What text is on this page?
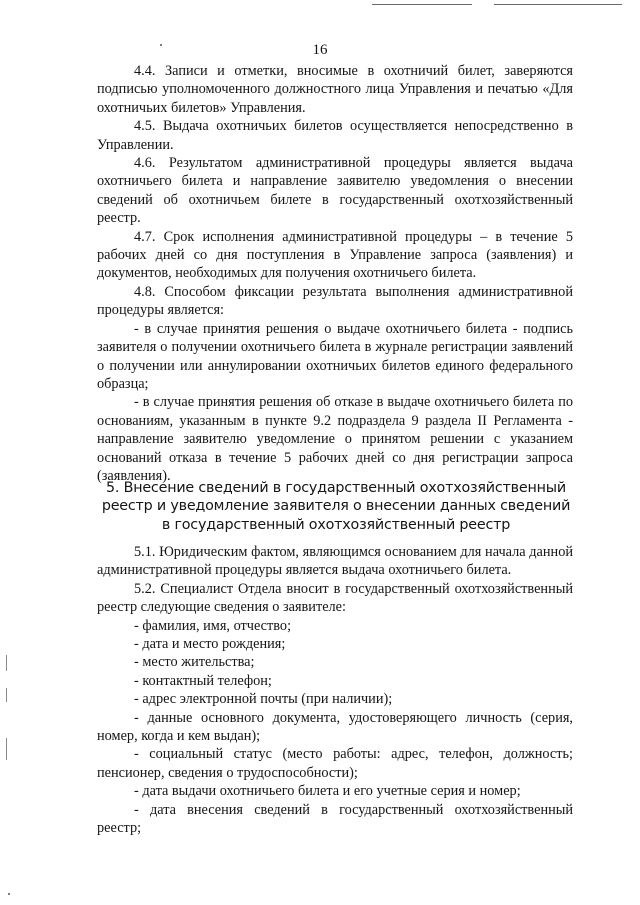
16

4.4. Записи и отметки, вносимые в охотничий билет, заверяются подписью уполномоченного должностного лица Управления и печатью «Для охотничьих билетов» Управления.

4.5. Выдача охотничьих билетов осуществляется непосредственно в Управлении.

4.6. Результатом административной процедуры является выдача охотничьего билета и направление заявителю уведомления о внесении сведений об охотничьем билете в государственный охотхозяйственный реестр.

4.7. Срок исполнения административной процедуры – в течение 5 рабочих дней со дня поступления в Управление запроса (заявления) и документов, необходимых для получения охотничьего билета.

4.8. Способом фиксации результата выполнения административной процедуры является:

- в случае принятия решения о выдаче охотничьего билета - подпись заявителя о получении охотничьего билета в журнале регистрации заявлений о получении или аннулировании охотничьих билетов единого федерального образца;

- в случае принятия решения об отказе в выдаче охотничьего билета по основаниям, указанным в пункте 9.2 подраздела 9 раздела II Регламента - направление заявителю уведомление о принятом решении с указанием оснований отказа в течение 5 рабочих дней со дня регистрации запроса (заявления).

5. Внесение сведений в государственный охотхозяйственный реестр и уведомление заявителя о внесении данных сведений в государственный охотхозяйственный реестр

5.1. Юридическим фактом, являющимся основанием для начала данной административной процедуры является выдача охотничьего билета.

5.2. Специалист Отдела вносит в государственный охотхозяйственный реестр следующие сведения о заявителе:

- фамилия, имя, отчество;

- дата и место рождения;

- место жительства;

- контактный телефон;

- адрес электронной почты (при наличии);

- данные основного документа, удостоверяющего личность (серия, номер, когда и кем выдан);

- социальный статус (место работы: адрес, телефон, должность; пенсионер, сведения о трудоспособности);

- дата выдачи охотничьего билета и его учетные серия и номер;

- дата внесения сведений в государственный охотхозяйственный реестр;
